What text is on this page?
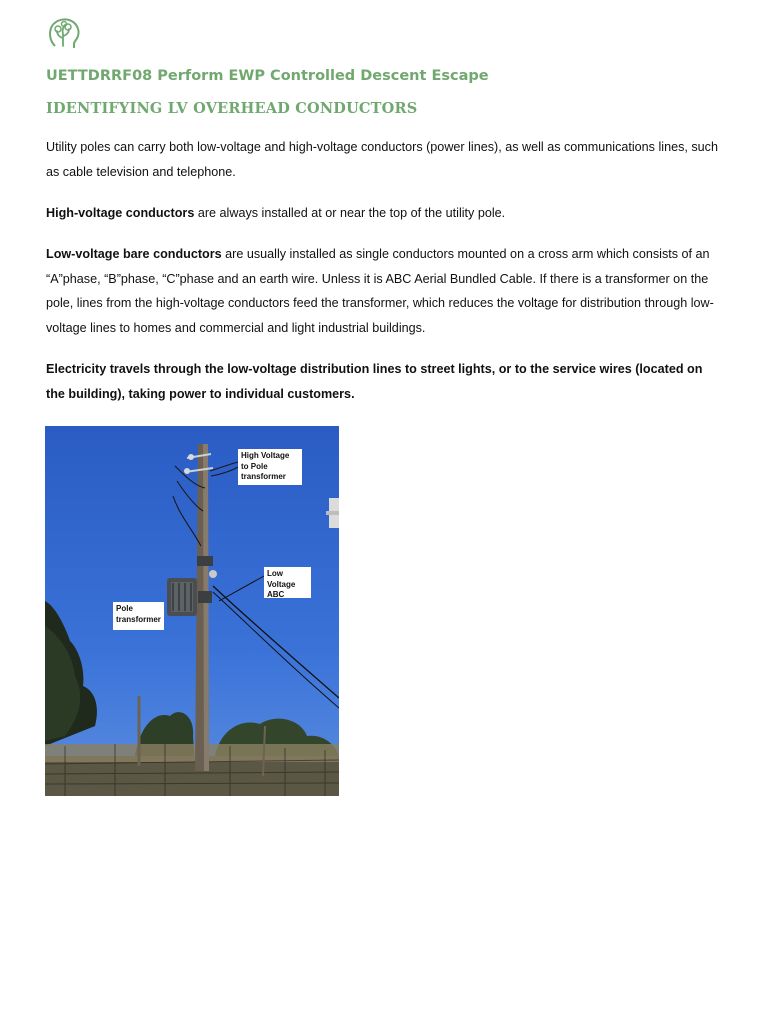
UETTDRRF08 Perform EWP Controlled Descent Escape
IDENTIFYING LV OVERHEAD CONDUCTORS

Utility poles can carry both low-voltage and high-voltage conductors (power lines), as well as communications lines, such as cable television and telephone.

High-voltage conductors are always installed at or near the top of the utility pole.

Low-voltage bare conductors are usually installed as single conductors mounted on a cross arm which consists of an “A”phase, “B”phase, “C”phase and an earth wire. Unless it is ABC Aerial Bundled Cable. If there is a transformer on the pole, lines from the high-voltage conductors feed the transformer, which reduces the voltage for distribution through low-voltage lines to homes and commercial and light industrial buildings.

Electricity travels through the low-voltage distribution lines to street lights, or to the service wires (located on the building), taking power to individual customers.

High Voltage to Pole transformer
Low Voltage ABC
Pole transformer
